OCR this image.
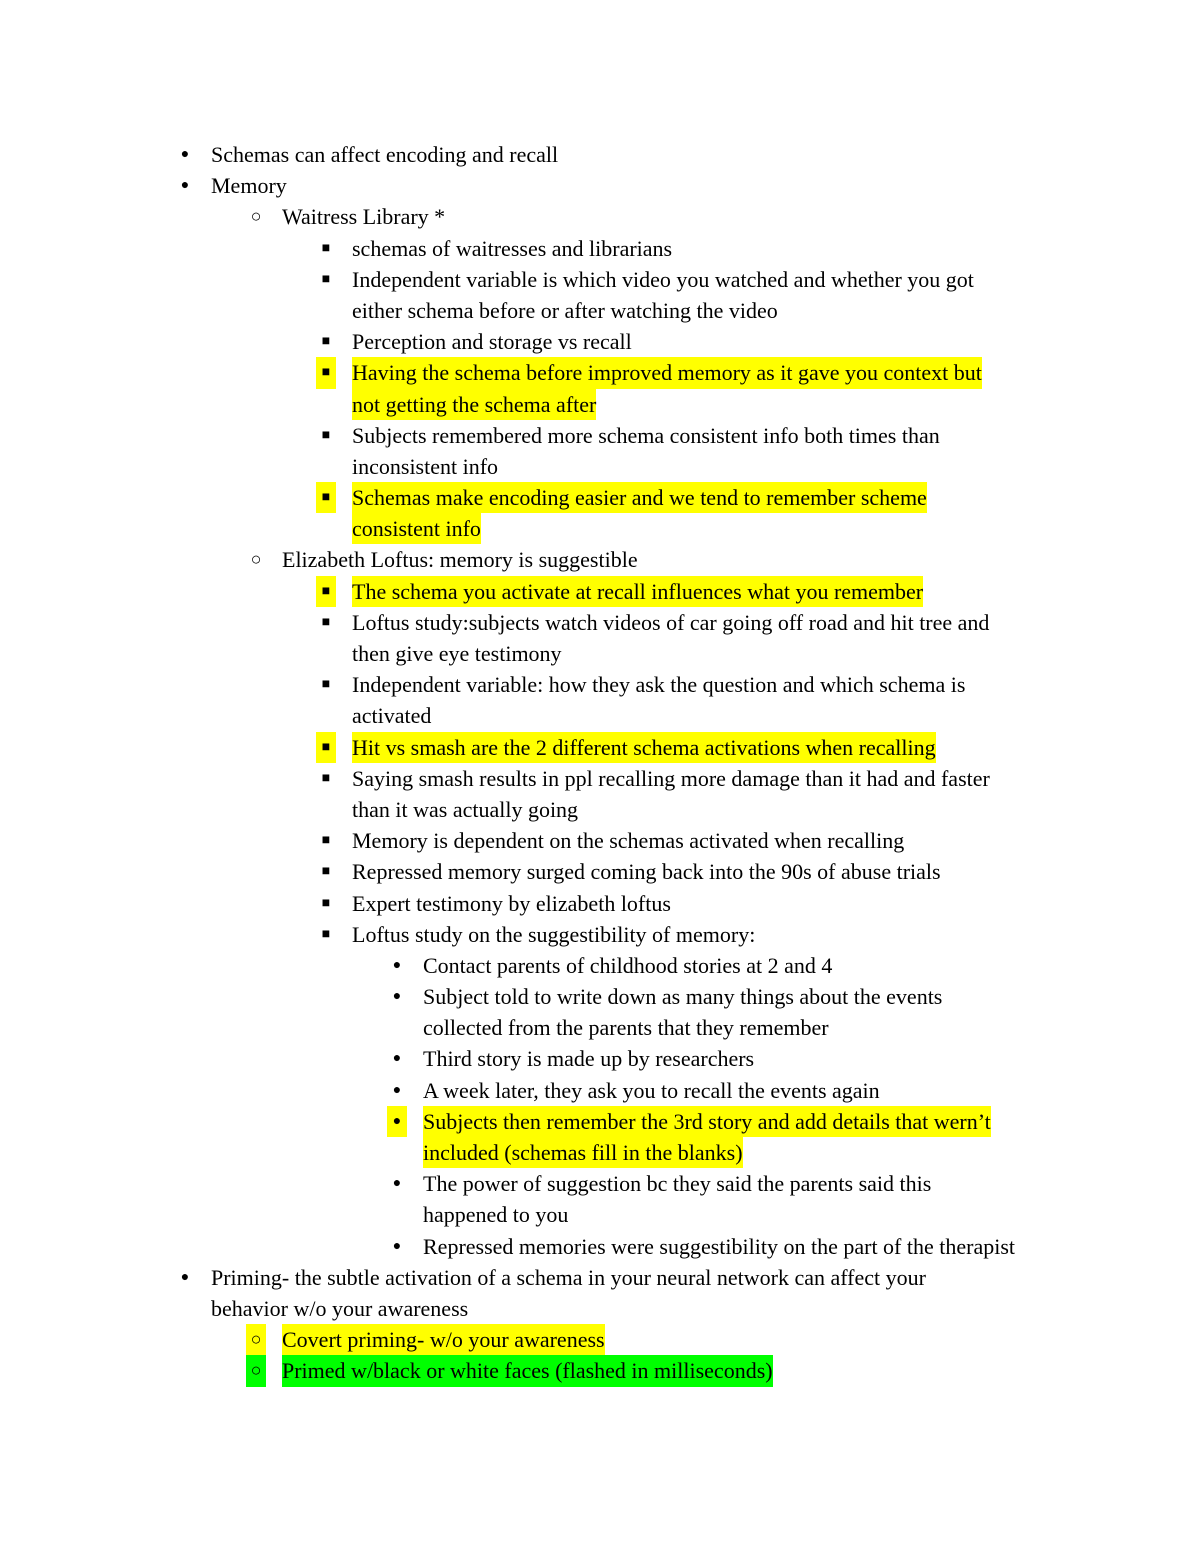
● Schemas can affect encoding and recall
● Memory
○ Waitress Library *
■ schemas of waitresses and librarians
■ Independent variable is which video you watched and whether you got
either schema before or after watching the video
■ Perception and storage vs recall
■ Having the schema before improved memory as it gave you context but
not getting the schema after
■ Subjects remembered more schema consistent info both times than
inconsistent info
■ Schemas make encoding easier and we tend to remember scheme
consistent info
○ Elizabeth Loftus: memory is suggestible
■ The schema you activate at recall influences what you remember
■ Loftus study:subjects watch videos of car going off road and hit tree and
then give eye testimony
■ Independent variable: how they ask the question and which schema is
activated
■ Hit vs smash are the 2 different schema activations when recalling
■ Saying smash results in ppl recalling more damage than it had and faster
than it was actually going
■ Memory is dependent on the schemas activated when recalling
■ Repressed memory surged coming back into the 90s of abuse trials
■ Expert testimony by elizabeth loftus
■ Loftus study on the suggestibility of memory:
● Contact parents of childhood stories at 2 and 4
● Subject told to write down as many things about the events
collected from the parents that they remember
● Third story is made up by researchers
● A week later, they ask you to recall the events again
● Subjects then remember the 3rd story and add details that wern’t
included (schemas fill in the blanks)
● The power of suggestion bc they said the parents said this
happened to you
● Repressed memories were suggestibility on the part of the therapist
● Priming- the subtle activation of a schema in your neural network can affect your
behavior w/o your awareness
○ Covert priming- w/o your awareness
○ Primed w/black or white faces (flashed in milliseconds)
